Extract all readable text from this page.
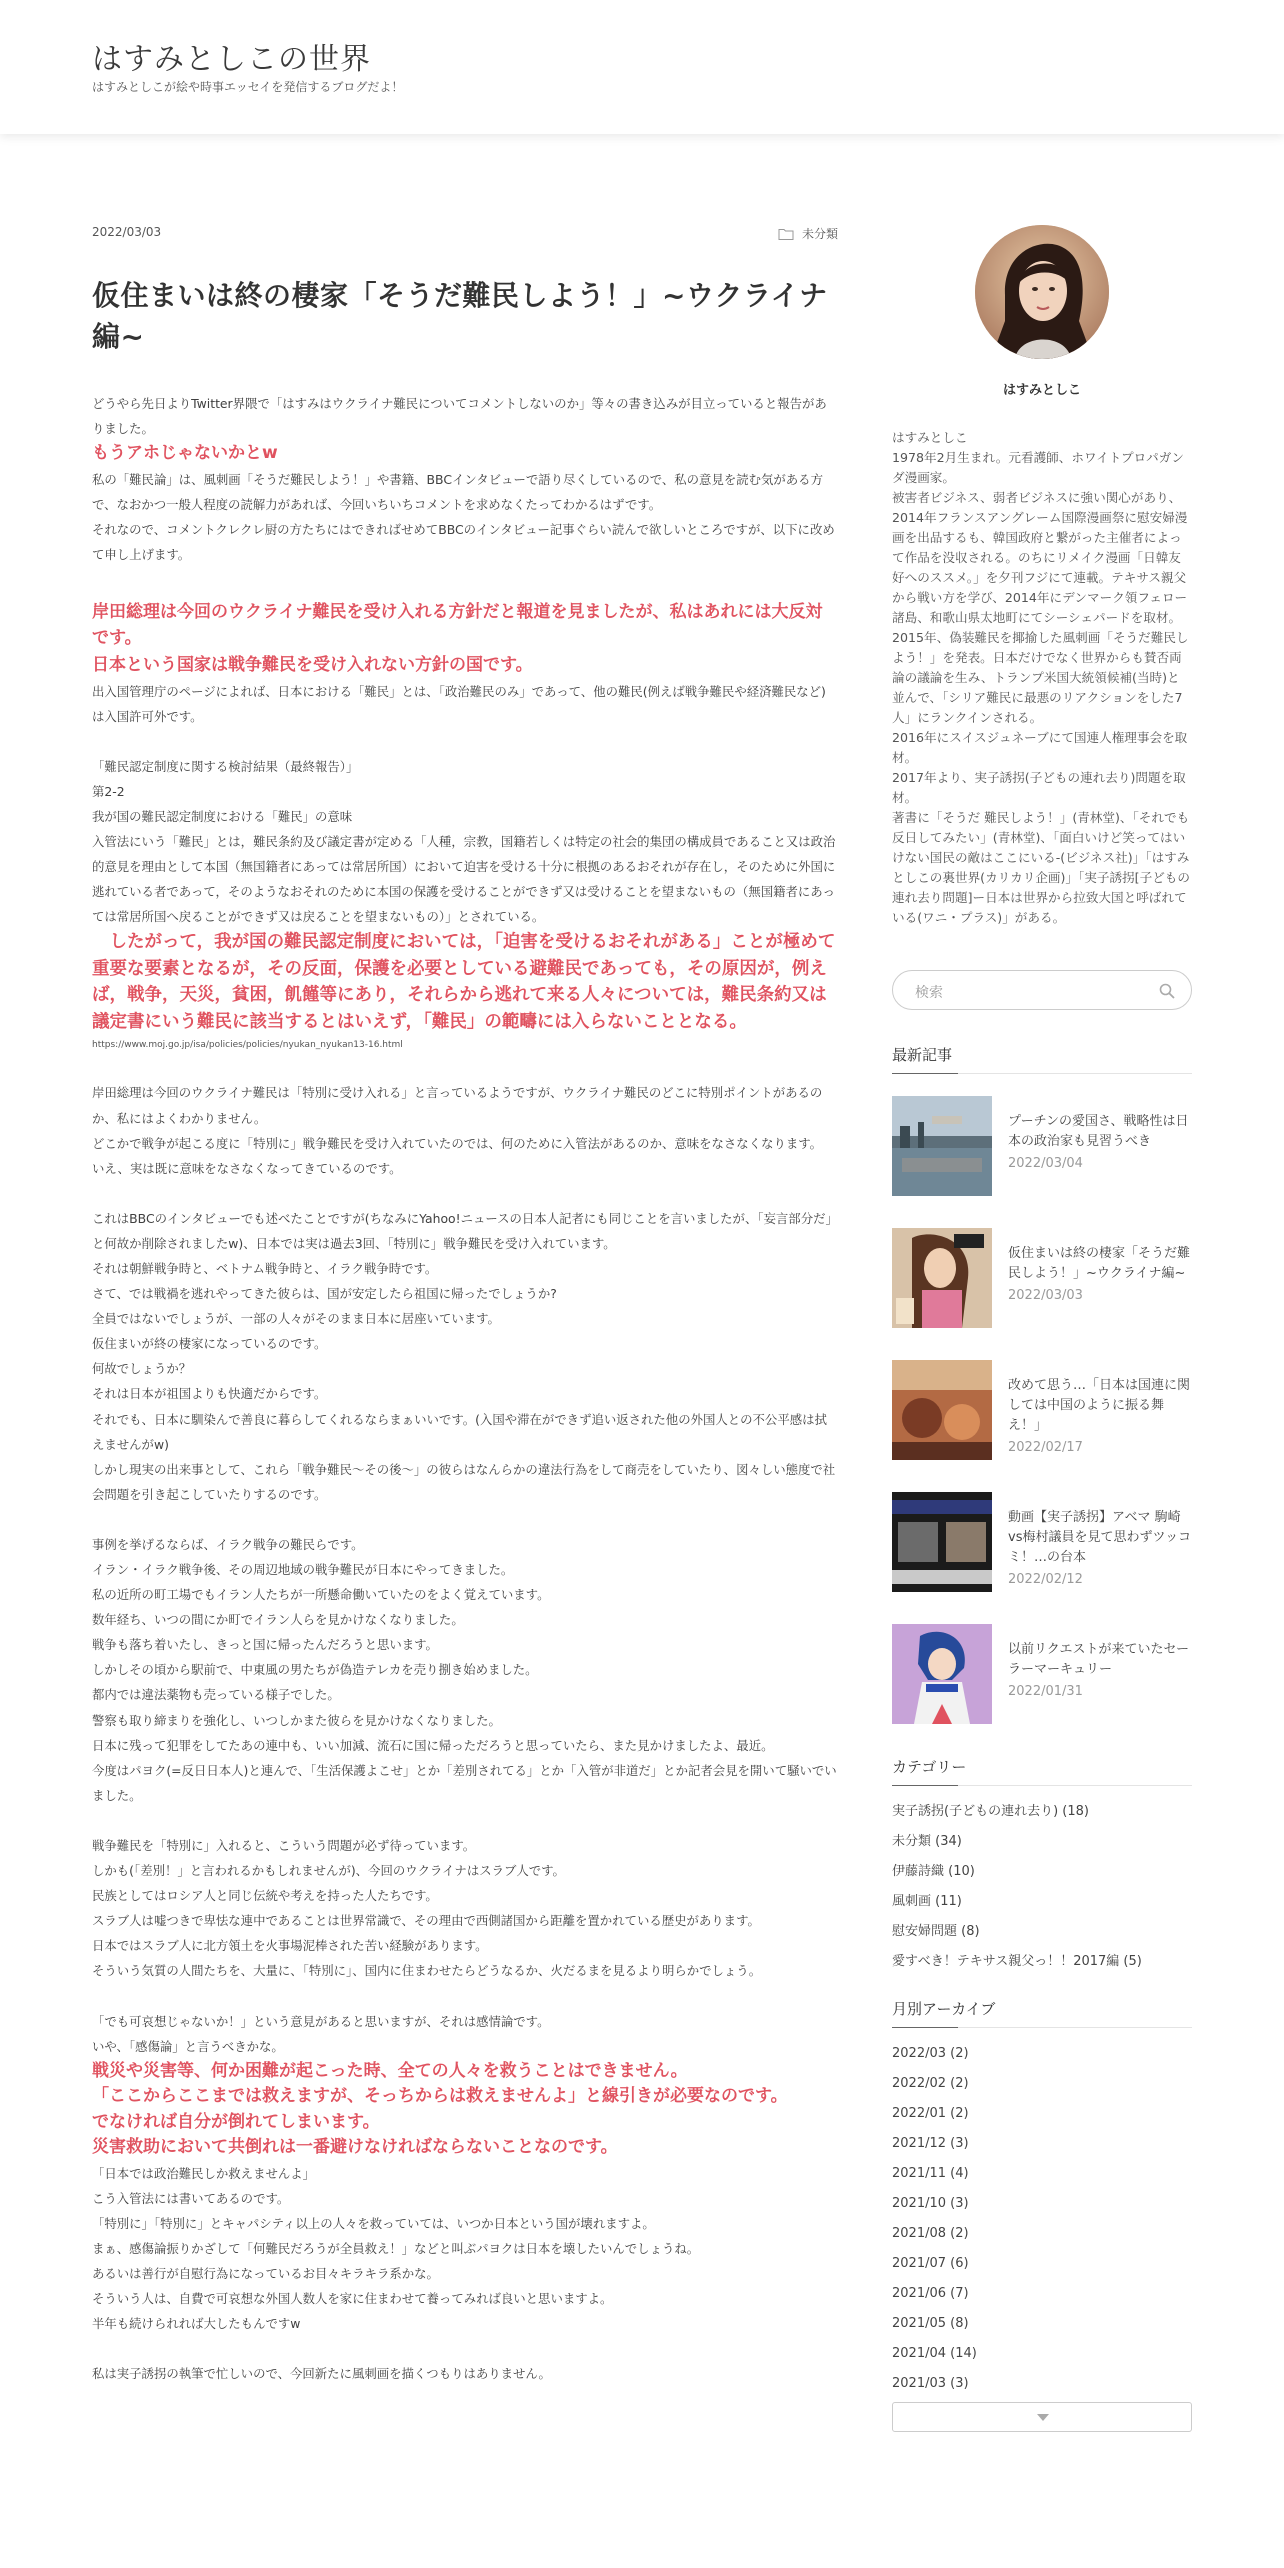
はすみとしこの世界
はすみとしこが絵や時事エッセイを発信するブログだよ！
2022/03/03	未分類
仮住まいは終の棲家「そうだ難民しよう！」~ウクライナ編~
どうやら先日よりTwitter界隈で「はすみはウクライナ難民についてコメントしないのか」等々の書き込みが目立っていると報告がありました。
もうアホじゃないかとw
私の「難民論」は、風刺画「そうだ難民しよう！」や書籍、BBCインタビューで語り尽くしているので、私の意見を読む気がある方で、なおかつ一般人程度の読解力があれば、今回いちいちコメントを求めなくたってわかるはずです。
それなので、コメントクレクレ厨の方たちにはできればせめてBBCのインタビュー記事ぐらい読んで欲しいところですが、以下に改めて申し上げます。
岸田総理は今回のウクライナ難民を受け入れる方針だと報道を見ましたが、私はあれには大反対です。
日本という国家は戦争難民を受け入れない方針の国です。
出入国管理庁のページによれば、日本における「難民」とは、「政治難民のみ」であって、他の難民(例えば戦争難民や経済難民など)は入国許可外です。
「難民認定制度に関する検討結果（最終報告）」
第2-2
我が国の難民認定制度における「難民」の意味
入管法にいう「難民」とは，難民条約及び議定書が定める「人種，宗教，国籍若しくは特定の社会的集団の構成員であること又は政治的意見を理由として本国（無国籍者にあっては常居所国）において迫害を受ける十分に根拠のあるおそれが存在し，そのために外国に逃れている者であって，そのようなおそれのために本国の保護を受けることができず又は受けることを望まないもの（無国籍者にあっては常居所国へ戻ることができず又は戻ることを望まないもの）」とされている。
　したがって，我が国の難民認定制度においては，「迫害を受けるおそれがある」ことが極めて重要な要素となるが，その反面，保護を必要としている避難民であっても，その原因が，例えば，戦争，天災，貧困，飢饉等にあり，それらから逃れて来る人々については，難民条約又は議定書にいう難民に該当するとはいえず，「難民」の範疇には入らないこととなる。
https://www.moj.go.jp/isa/policies/policies/nyukan_nyukan13-16.html
岸田総理は今回のウクライナ難民は「特別に受け入れる」と言っているようですが、ウクライナ難民のどこに特別ポイントがあるのか、私にはよくわかりません。
どこかで戦争が起こる度に「特別に」戦争難民を受け入れていたのでは、何のために入管法があるのか、意味をなさなくなります。
いえ、実は既に意味をなさなくなってきているのです。
これはBBCのインタビューでも述べたことですが(ちなみにYahoo!ニュースの日本人記者にも同じことを言いましたが、「妄言部分だ」と何故か削除されましたw)、日本では実は過去3回、「特別に」戦争難民を受け入れています。
それは朝鮮戦争時と、ベトナム戦争時と、イラク戦争時です。
さて、では戦禍を逃れやってきた彼らは、国が安定したら祖国に帰ったでしょうか?
全員ではないでしょうが、一部の人々がそのまま日本に居座いています。
仮住まいが終の棲家になっているのです。
何故でしょうか？
それは日本が祖国よりも快適だからです。
それでも、日本に馴染んで善良に暮らしてくれるならまぁいいです。(入国や滞在ができず追い返された他の外国人との不公平感は拭えませんがw)
しかし現実の出来事として、これら「戦争難民～その後～」の彼らはなんらかの違法行為をして商売をしていたり、図々しい態度で社会問題を引き起こしていたりするのです。
事例を挙げるならば、イラク戦争の難民らです。
イラン・イラク戦争後、その周辺地域の戦争難民が日本にやってきました。
私の近所の町工場でもイラン人たちが一所懸命働いていたのをよく覚えています。
数年経ち、いつの間にか町でイラン人らを見かけなくなりました。
戦争も落ち着いたし、きっと国に帰ったんだろうと思います。
しかしその頃から駅前で、中東風の男たちが偽造テレカを売り捌き始めました。
都内では違法薬物も売っている様子でした。
警察も取り締まりを強化し、いつしかまた彼らを見かけなくなりました。
日本に残って犯罪をしてたあの連中も、いい加減、流石に国に帰っただろうと思っていたら、また見かけましたよ、最近。
今度はパヨク(=反日日本人)と連んで、「生活保護よこせ」とか「差別されてる」とか「入管が非道だ」とか記者会見を開いて騒いでいました。
戦争難民を「特別に」入れると、こういう問題が必ず待っています。
しかも(「差別！」と言われるかもしれませんが)、今回のウクライナはスラブ人です。
民族としてはロシア人と同じ伝統や考えを持った人たちです。
スラブ人は嘘つきで卑怯な連中であることは世界常識で、その理由で西側諸国から距離を置かれている歴史があります。
日本ではスラブ人に北方領土を火事場泥棒された苦い経験があります。
そういう気質の人間たちを、大量に、「特別に」、国内に住まわせたらどうなるか、火だるまを見るより明らかでしょう。
「でも可哀想じゃないか！」という意見があると思いますが、それは感情論です。
いや、「感傷論」と言うべきかな。
戦災や災害等、何か困難が起こった時、全ての人々を救うことはできません。
「ここからここまでは救えますが、そっちからは救えませんよ」と線引きが必要なのです。
でなければ自分が倒れてしまいます。
災害救助において共倒れは一番避けなければならないことなのです。
「日本では政治難民しか救えませんよ」
こう入管法には書いてあるのです。
「特別に」「特別に」とキャパシティ以上の人々を救っていては、いつか日本という国が壊れますよ。
まぁ、感傷論振りかざして「何難民だろうが全員救え！」などと叫ぶパヨクは日本を壊したいんでしょうね。
あるいは善行が自慰行為になっているお目々キラキラ系かな。
そういう人は、自費で可哀想な外国人数人を家に住まわせて養ってみれば良いと思いますよ。
半年も続けられれば大したもんですw
私は実子誘拐の執筆で忙しいので、今回新たに風刺画を描くつもりはありません。
はすみとしこ
はすみとしこ
1978年2月生まれ。元看護師、ホワイトプロパガンダ漫画家。
被害者ビジネス、弱者ビジネスに強い関心があり、2014年フランスアングレーム国際漫画祭に慰安婦漫画を出品するも、韓国政府と繋がった主催者によって作品を没収される。のちにリメイク漫画「日韓友好へのススメ。」を夕刊フジにて連載。テキサス親父から戦い方を学び、2014年にデンマーク領フェロー諸島、和歌山県太地町にてシーシェパードを取材。
2015年、偽装難民を揶揄した風刺画「そうだ難民しよう！」を発表。日本だけでなく世界からも賛否両論の議論を生み、トランプ米国大統領候補(当時)と並んで、「シリア難民に最悪のリアクションをした7人」にランクインされる。
2016年にスイスジュネーブにて国連人権理事会を取材。
2017年より、実子誘拐(子どもの連れ去り)問題を取材。
著書に「そうだ 難民しよう！」(青林堂)、「それでも反日してみたい」(青林堂)、「面白いけど笑ってはいけない国民の敵はここにいる-(ビジネス社)」「はすみとしこの裏世界(カリカリ企画)」「実子誘拐[子どもの連れ去り問題]ー日本は世界から拉致大国と呼ばれている(ワニ・プラス)」がある。
検索
最新記事
プーチンの愛国さ、戦略性は日本の政治家も見習うべき
2022/03/04
仮住まいは終の棲家「そうだ難民しよう！」~ウクライナ編~
2022/03/03
改めて思う…「日本は国連に関しては中国のように振る舞え！」
2022/02/17
動画【実子誘拐】アベマ 駒崎vs梅村議員を見て思わずツッコミ！…の台本
2022/02/12
以前リクエストが来ていたセーラーマーキュリー
2022/01/31
カテゴリー
実子誘拐(子どもの連れ去り) (18)
未分類 (34)
伊藤詩織 (10)
風刺画 (11)
慰安婦問題 (8)
愛すべき！テキサス親父っ！！2017編 (5)
月別アーカイブ
2022/03 (2)
2022/02 (2)
2022/01 (2)
2021/12 (3)
2021/11 (4)
2021/10 (3)
2021/08 (2)
2021/07 (6)
2021/06 (7)
2021/05 (8)
2021/04 (14)
2021/03 (3)
